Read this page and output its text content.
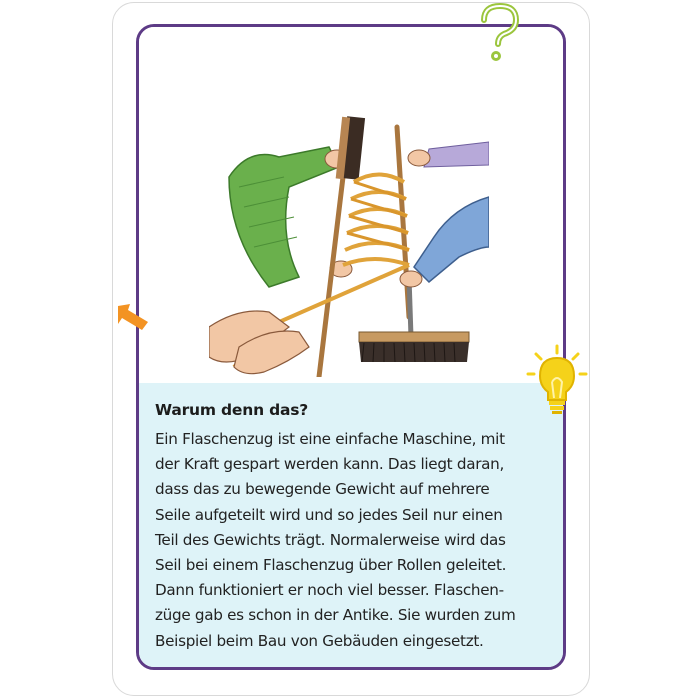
Warum denn das?

Ein Flaschenzug ist eine einfache Maschine, mit
der Kraft gespart werden kann. Das liegt daran,
dass das zu bewegende Gewicht auf mehrere
Seile aufgeteilt wird und so jedes Seil nur einen
Teil des Gewichts trägt. Normalerweise wird das
Seil bei einem Flaschenzug über Rollen geleitet.
Dann funktioniert er noch viel besser. Flaschen-
züge gab es schon in der Antike. Sie wurden zum
Beispiel beim Bau von Gebäuden eingesetzt.
